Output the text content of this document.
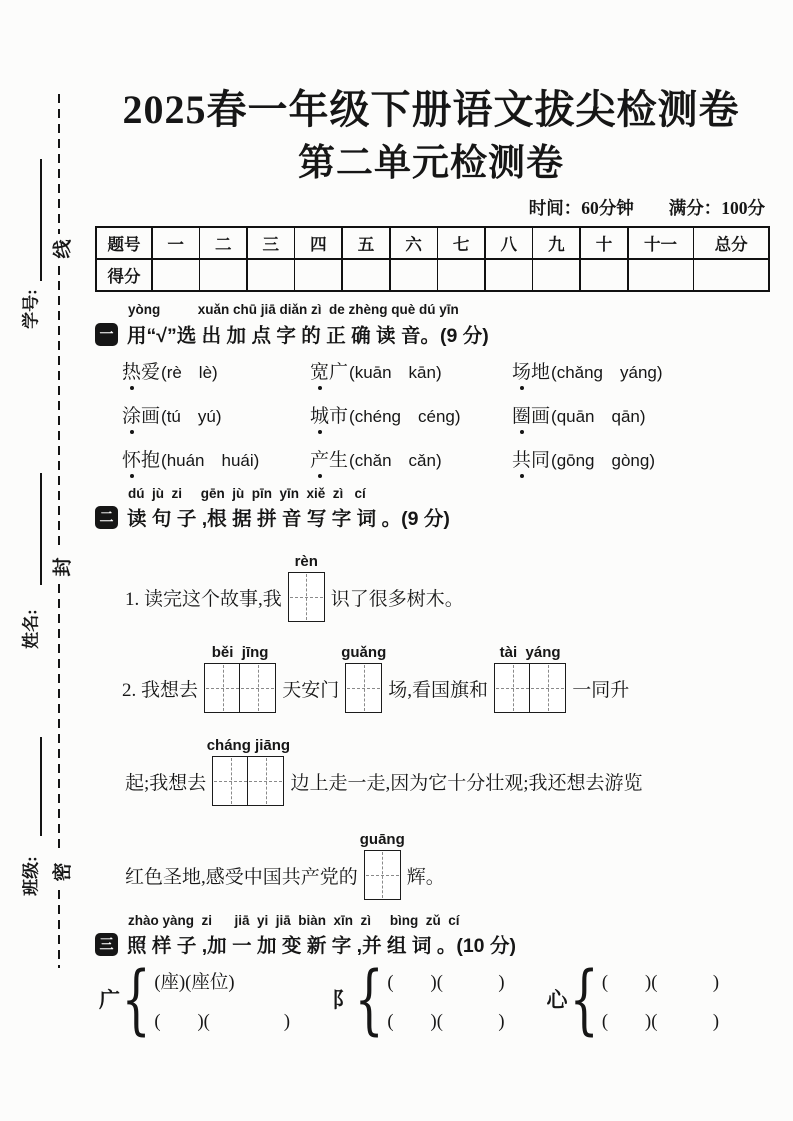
学号:
姓名:
班级:
线
封
密
2025春一年级下册语文拔尖检测卷
第二单元检测卷
时间：60分钟　　满分：100分
题号	一	二	三	四	五	六	七	八	九	十	十一	总分
得分
yòng          xuǎn chū jiā diǎn zì  de zhèng què dú yīn
一 用“√”选 出 加 点 字 的 正 确 读 音。(9 分)
热爱 (rè　lè)	宽广 (kuān　kān)	场地 (chǎng　yáng)
涂画 (tú　yú)	城市 (chéng　céng)	圈画 (quān　qān)
怀抱 (huán　huái)	产生 (chǎn　cǎn)	共同 (gōng　gòng)
dú  jù  zi     gēn  jù  pīn  yīn  xiě  zì   cí
二 读 句 子 ,根 据 拼 音 写 字 词 。(9 分)
1. 读完这个故事,我
rèn
识了很多树木。
2. 我想去
běi  jīng
天安门
guǎng
场,看国旗和
tài  yáng
一同升
起;我想去
cháng jiāng
边上走一走,因为它十分壮观;我还想去游览
红色圣地,感受中国共产党的
guāng
辉。
zhào yàng  zi      jiā  yi  jiā  biàn  xīn  zì     bìng  zǔ  cí
三 照 样 子 ,加 一 加 变 新 字 ,并 组 词 。(10 分)
广 { (座)(座位)
(　　)(　　　　)
阝 { (　　)(　　　)
(　　)(　　　)
心 { (　　)(　　　)
(　　)(　　　)
